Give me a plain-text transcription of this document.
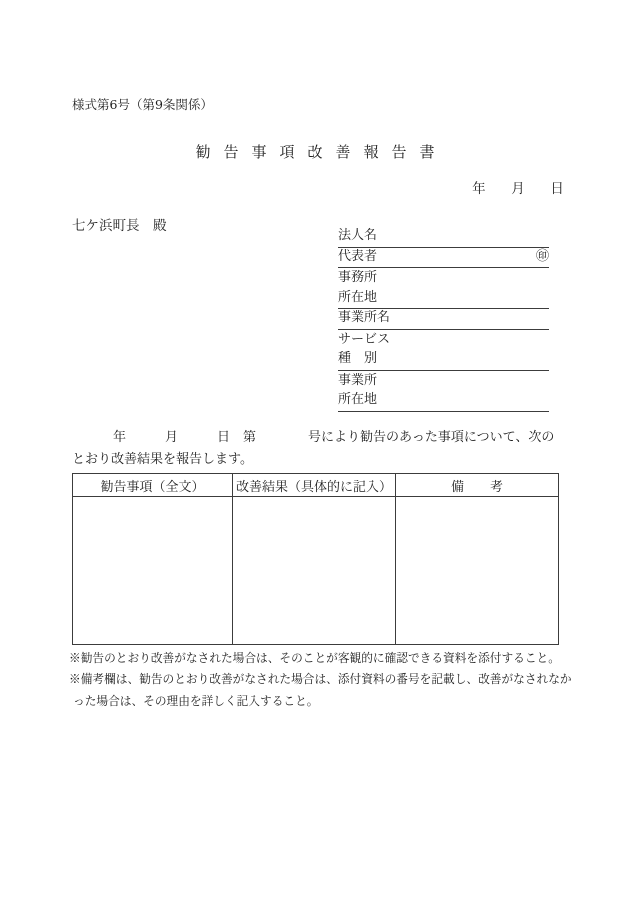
様式第6号（第9条関係）
勧告事項改善報告書
年　月　日
七ケ浜町長　殿
法人名
代表者	㊞
事務所
所在地
事業所名
サービス
種　別
事業所
所在地
年　　　月　　　日　第　　　　号により勧告のあった事項について、次の
とおり改善結果を報告します。
勧告事項（全文）	改善結果（具体的に記入）	備　　考

※勧告のとおり改善がなされた場合は、そのことが客観的に確認できる資料を添付すること。
※備考欄は、勧告のとおり改善がなされた場合は、添付資料の番号を記載し、改善がなされなか
った場合は、その理由を詳しく記入すること。
